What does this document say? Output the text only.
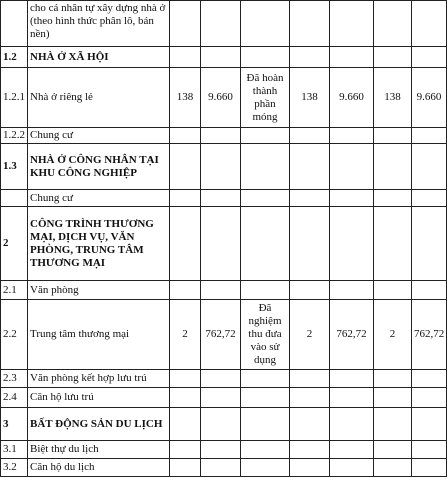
	cho cá nhân tự xây dựng nhà ở (theo hình thức phân lô, bán nền)							
1.2	NHÀ Ở XÃ HỘI							
1.2.1	Nhà ở riêng lẻ	138	9.660	Đã hoàn thành phần móng	138	9.660	138	9.660
1.2.2	Chung cư							
1.3	NHÀ Ở CÔNG NHÂN TẠI KHU CÔNG NGHIỆP							
	Chung cư							
2	CÔNG TRÌNH THƯƠNG MẠI, DỊCH VỤ, VĂN PHÒNG, TRUNG TÂM THƯƠNG MẠI							
2.1	Văn phòng							
2.2	Trung tâm thương mại	2	762,72	Đã nghiệm thu đưa vào sử dụng	2	762,72	2	762,72
2.3	Văn phòng kết hợp lưu trú							
2.4	Căn hộ lưu trú							
3	BẤT ĐỘNG SẢN DU LỊCH							
3.1	Biệt thự du lịch							
3.2	Căn hộ du lịch							
